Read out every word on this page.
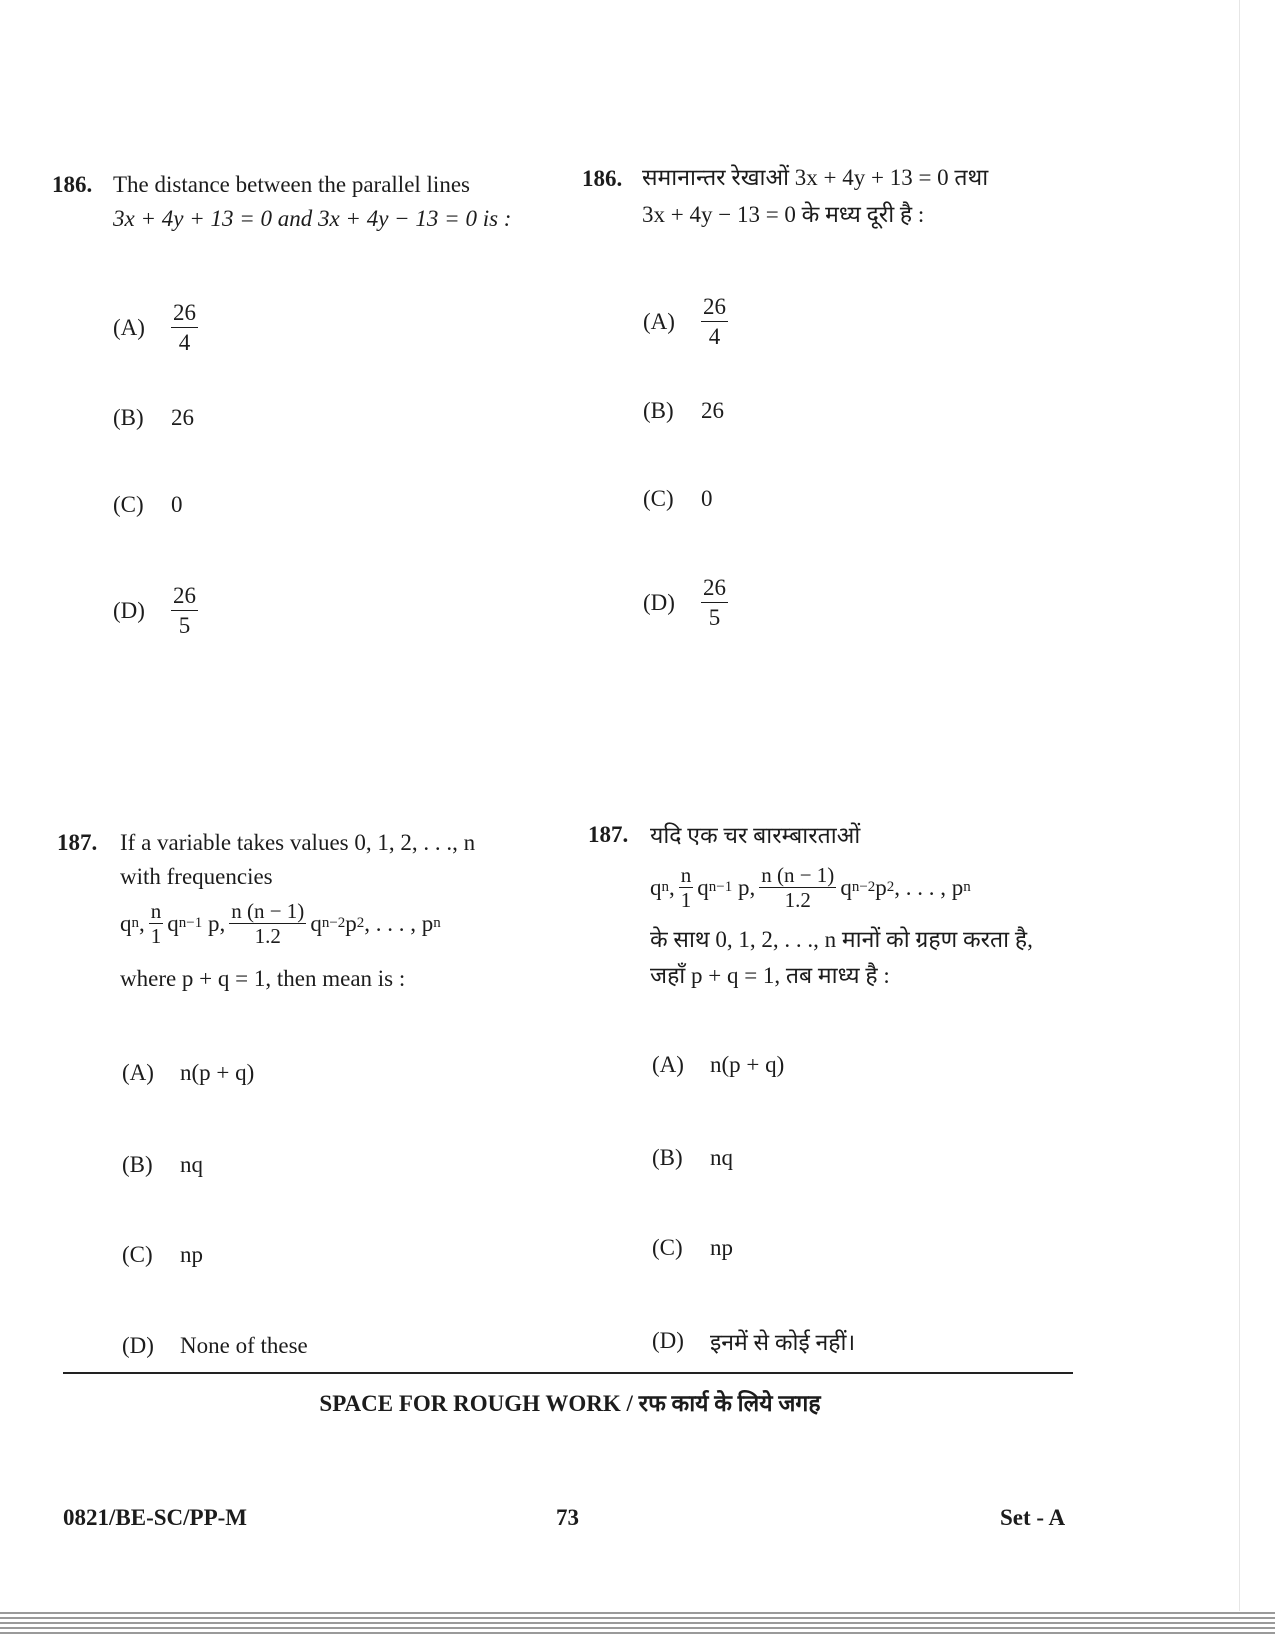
186. The distance between the parallel lines
3x + 4y + 13 = 0 and 3x + 4y − 13 = 0 is :
(A)	$\frac{26}{4}$
(B)	26
(C)	0
(D)	$\frac{26}{5}$
186. समानान्तर रेखाओं 3x + 4y + 13 = 0 तथा
3x + 4y − 13 = 0 के मध्य दूरी है :
(A)	$\frac{26}{4}$
(B)	26
(C)	0
(D)	$\frac{26}{5}$
187. If a variable takes values 0, 1, 2, . . ., n
with frequencies
q n , $\frac{n}{1}$ q n−1
p, $\frac{n (n - 1)}{1.2}$ q n−2 p 2 , . . . , p n
where p + q = 1, then mean is :
(A)	n(p + q)
(B)	nq
(C)	np
(D)	None of these
187. यदि एक चर बारम्बारताओं
q n , $\frac{n}{1}$ q n−1
p, $\frac{n (n - 1)}{1.2}$ q n−2 p 2 , . . . , p n
के साथ 0, 1, 2, . . ., n मानों को ग्रहण करता है,
जहाँ p + q = 1, तब माध्य है :
(A)	n(p + q)
(B)	nq
(C)	np
(D)	इनमें से कोई नहीं।
SPACE FOR ROUGH WORK / रफ कार्य के लिये जगह
0821/BE-SC/PP-M	73	Set - A
